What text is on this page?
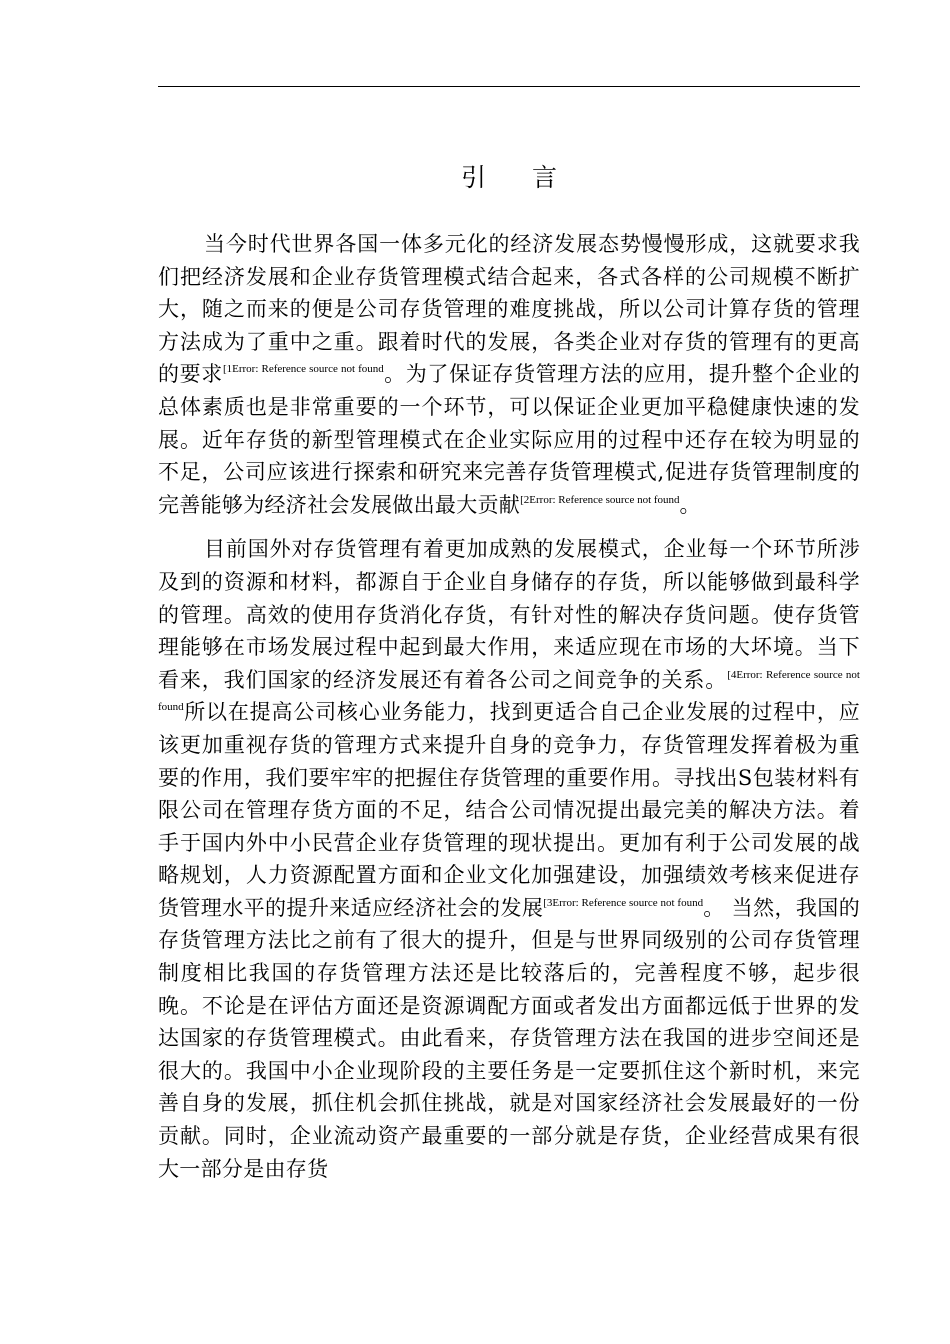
引言

当今时代世界各国一体多元化的经济发展态势慢慢形成，这就要求我们把经济发展和企业存货管理模式结合起来，各式各样的公司规模不断扩大，随之而来的便是公司存货管理的难度挑战，所以公司计算存货的管理方法成为了重中之重。跟着时代的发展，各类企业对存货的管理有的更高的要求$^{[1Error: Reference source not found}$。为了保证存货管理方法的应用，提升整个企业的总体素质也是非常重要的一个环节，可以保证企业更加平稳健康快速的发展。近年存货的新型管理模式在企业实际应用的过程中还存在较为明显的不足，公司应该进行探索和研究来完善存货管理模式,促进存货管理制度的完善能够为经济社会发展做出最大贡献$^{[2Error: Reference source not found}$。

目前国外对存货管理有着更加成熟的发展模式，企业每一个环节所涉及到的资源和材料，都源自于企业自身储存的存货，所以能够做到最科学的管理。高效的使用存货消化存货，有针对性的解决存货问题。使存货管理能够在市场发展过程中起到最大作用，来适应现在市场的大坏境。当下看来，我们国家的经济发展还有着各公司之间竞争的关系。$^{[4Error: Reference source not found}$所以在提高公司核心业务能力，找到更适合自己企业发展的过程中，应该更加重视存货的管理方式来提升自身的竞争力，存货管理发挥着极为重要的作用，我们要牢牢的把握住存货管理的重要作用。寻找出S包装材料有限公司在管理存货方面的不足，结合公司情况提出最完美的解决方法。着手于国内外中小民营企业存货管理的现状提出。更加有利于公司发展的战略规划，人力资源配置方面和企业文化加强建设，加强绩效考核来促进存货管理水平的提升来适应经济社会的发展$^{[3Error: Reference source not found}$。 当然，我国的存货管理方法比之前有了很大的提升，但是与世界同级别的公司存货管理制度相比我国的存货管理方法还是比较落后的，完善程度不够，起步很晚。不论是在评估方面还是资源调配方面或者发出方面都远低于世界的发达国家的存货管理模式。由此看来，存货管理方法在我国的进步空间还是很大的。我国中小企业现阶段的主要任务是一定要抓住这个新时机，来完善自身的发展，抓住机会抓住挑战，就是对国家经济社会发展最好的一份贡献。同时，企业流动资产最重要的一部分就是存货，企业经营成果有很大一部分是由存货
